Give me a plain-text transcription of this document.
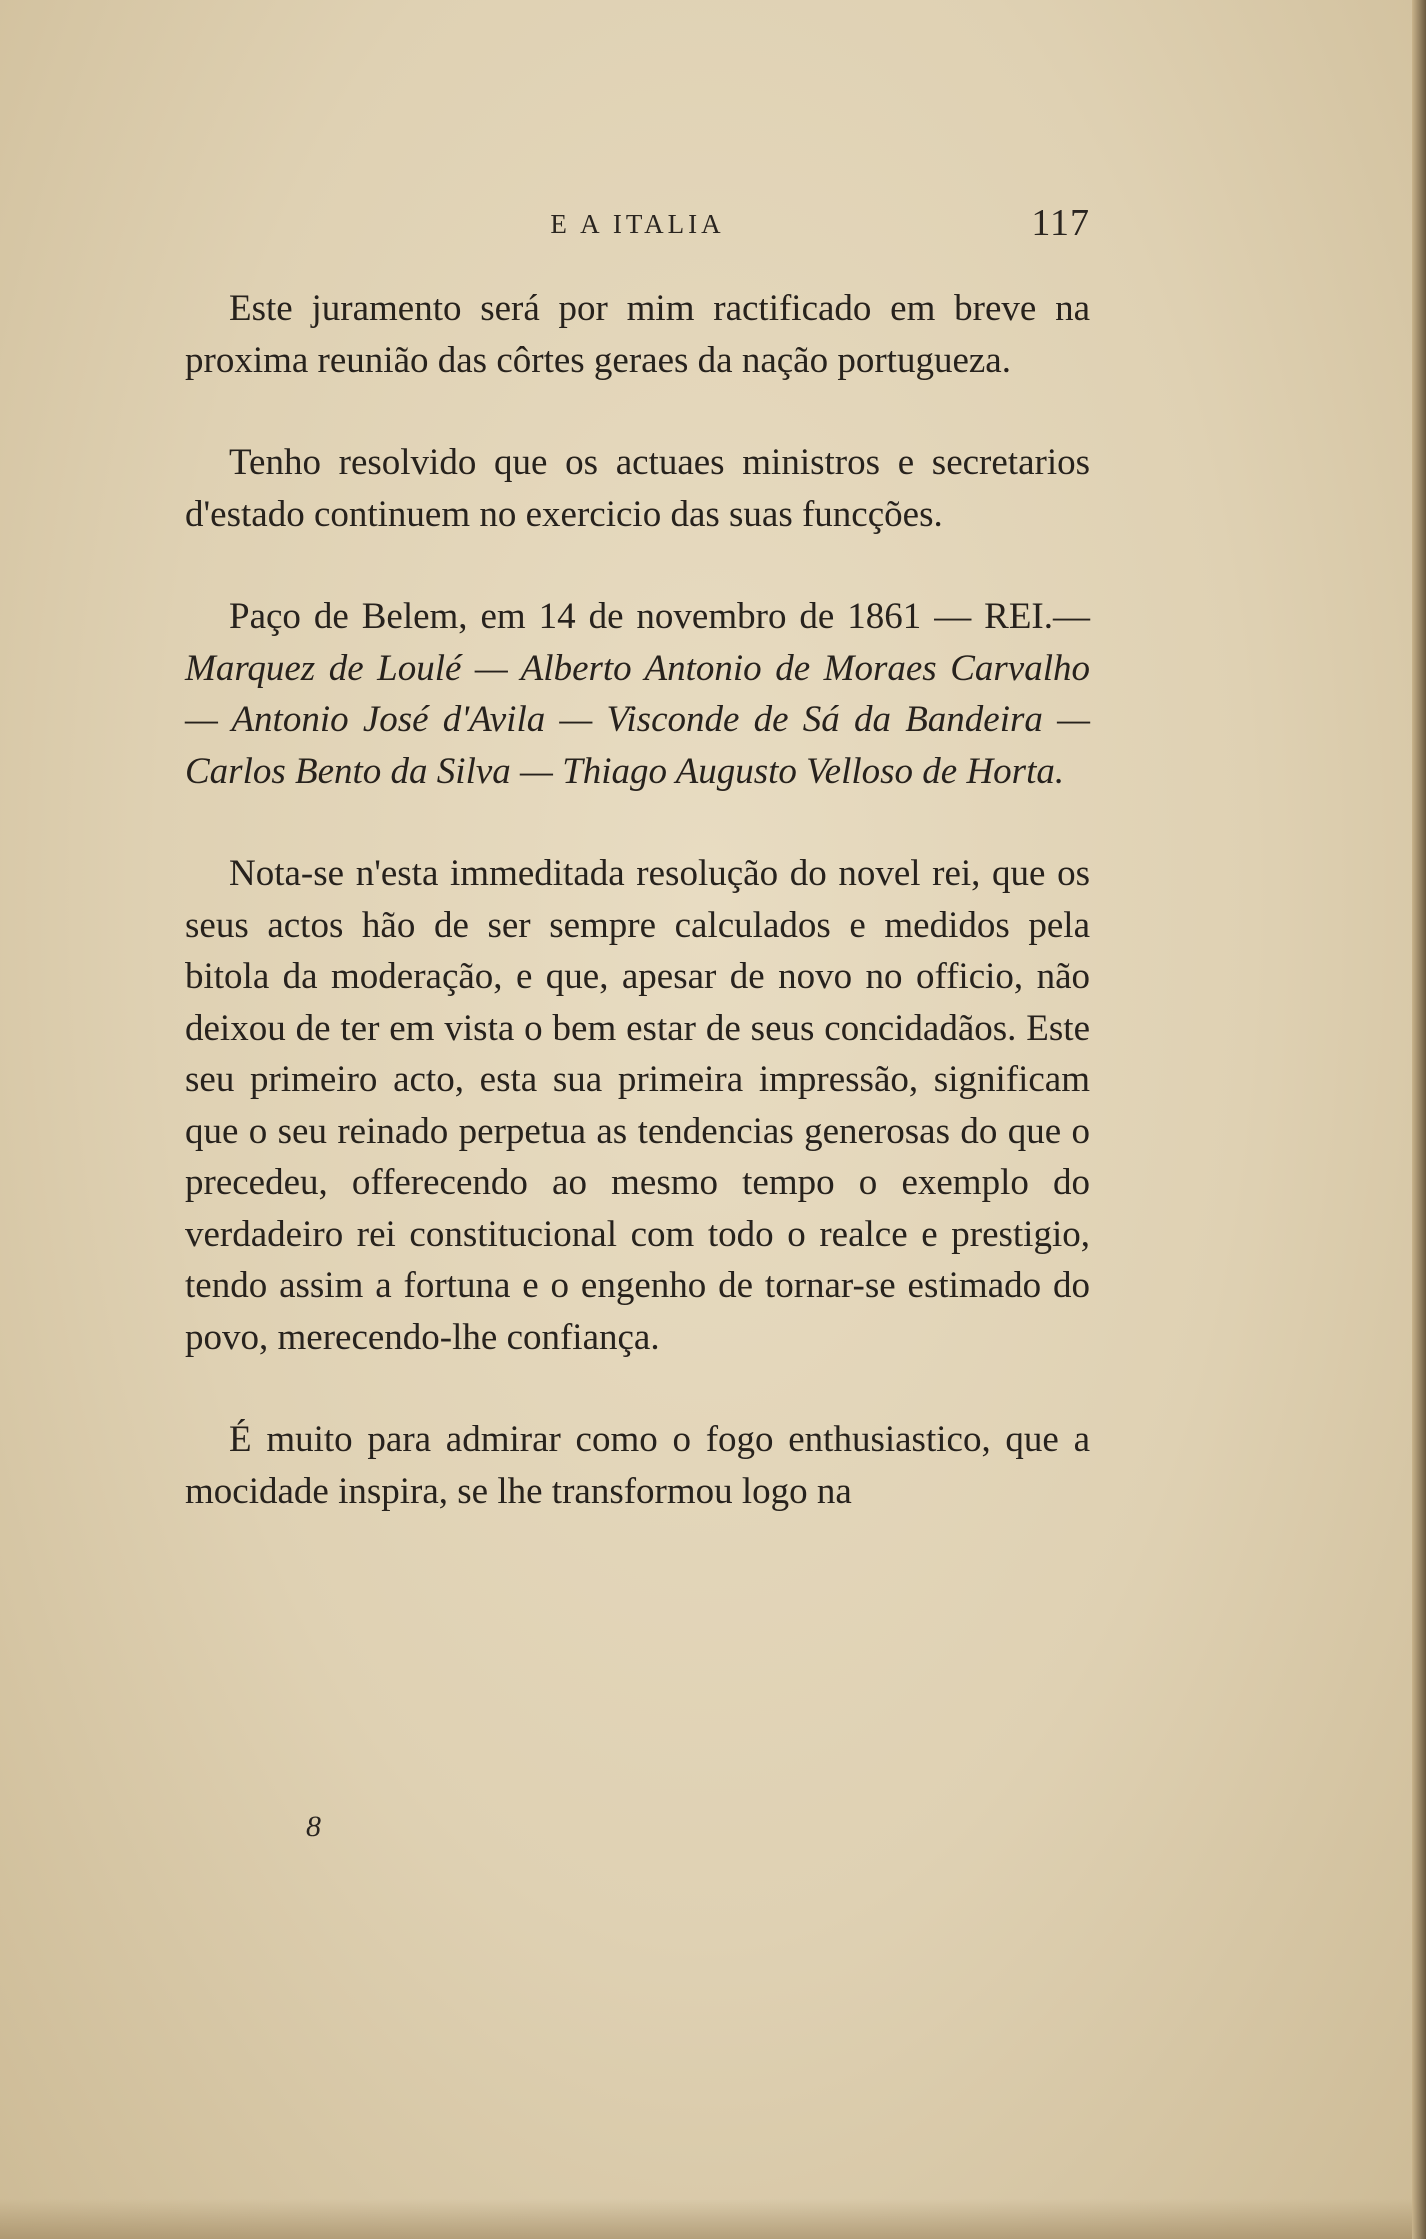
E A ITALIA	117

Este juramento será por mim ractificado em breve na proxima reunião das côrtes geraes da nação portugueza.

Tenho resolvido que os actuaes ministros e secretarios d'estado continuem no exercicio das suas funcções.

Paço de Belem, em 14 de novembro de 1861 — REI.—Marquez de Loulé — Alberto Antonio de Moraes Carvalho — Antonio José d'Avila — Visconde de Sá da Bandeira — Carlos Bento da Silva — Thiago Augusto Velloso de Horta.

Nota-se n'esta immeditada resolução do novel rei, que os seus actos hão de ser sempre calculados e medidos pela bitola da moderação, e que, apesar de novo no officio, não deixou de ter em vista o bem estar de seus concidadãos. Este seu primeiro acto, esta sua primeira impressão, significam que o seu reinado perpetua as tendencias generosas do que o precedeu, offerecendo ao mesmo tempo o exemplo do verdadeiro rei constitucional com todo o realce e prestigio, tendo assim a fortuna e o engenho de tornar-se estimado do povo, merecendo-lhe confiança.

É muito para admirar como o fogo enthusiastico, que a mocidade inspira, se lhe transformou logo na

8
